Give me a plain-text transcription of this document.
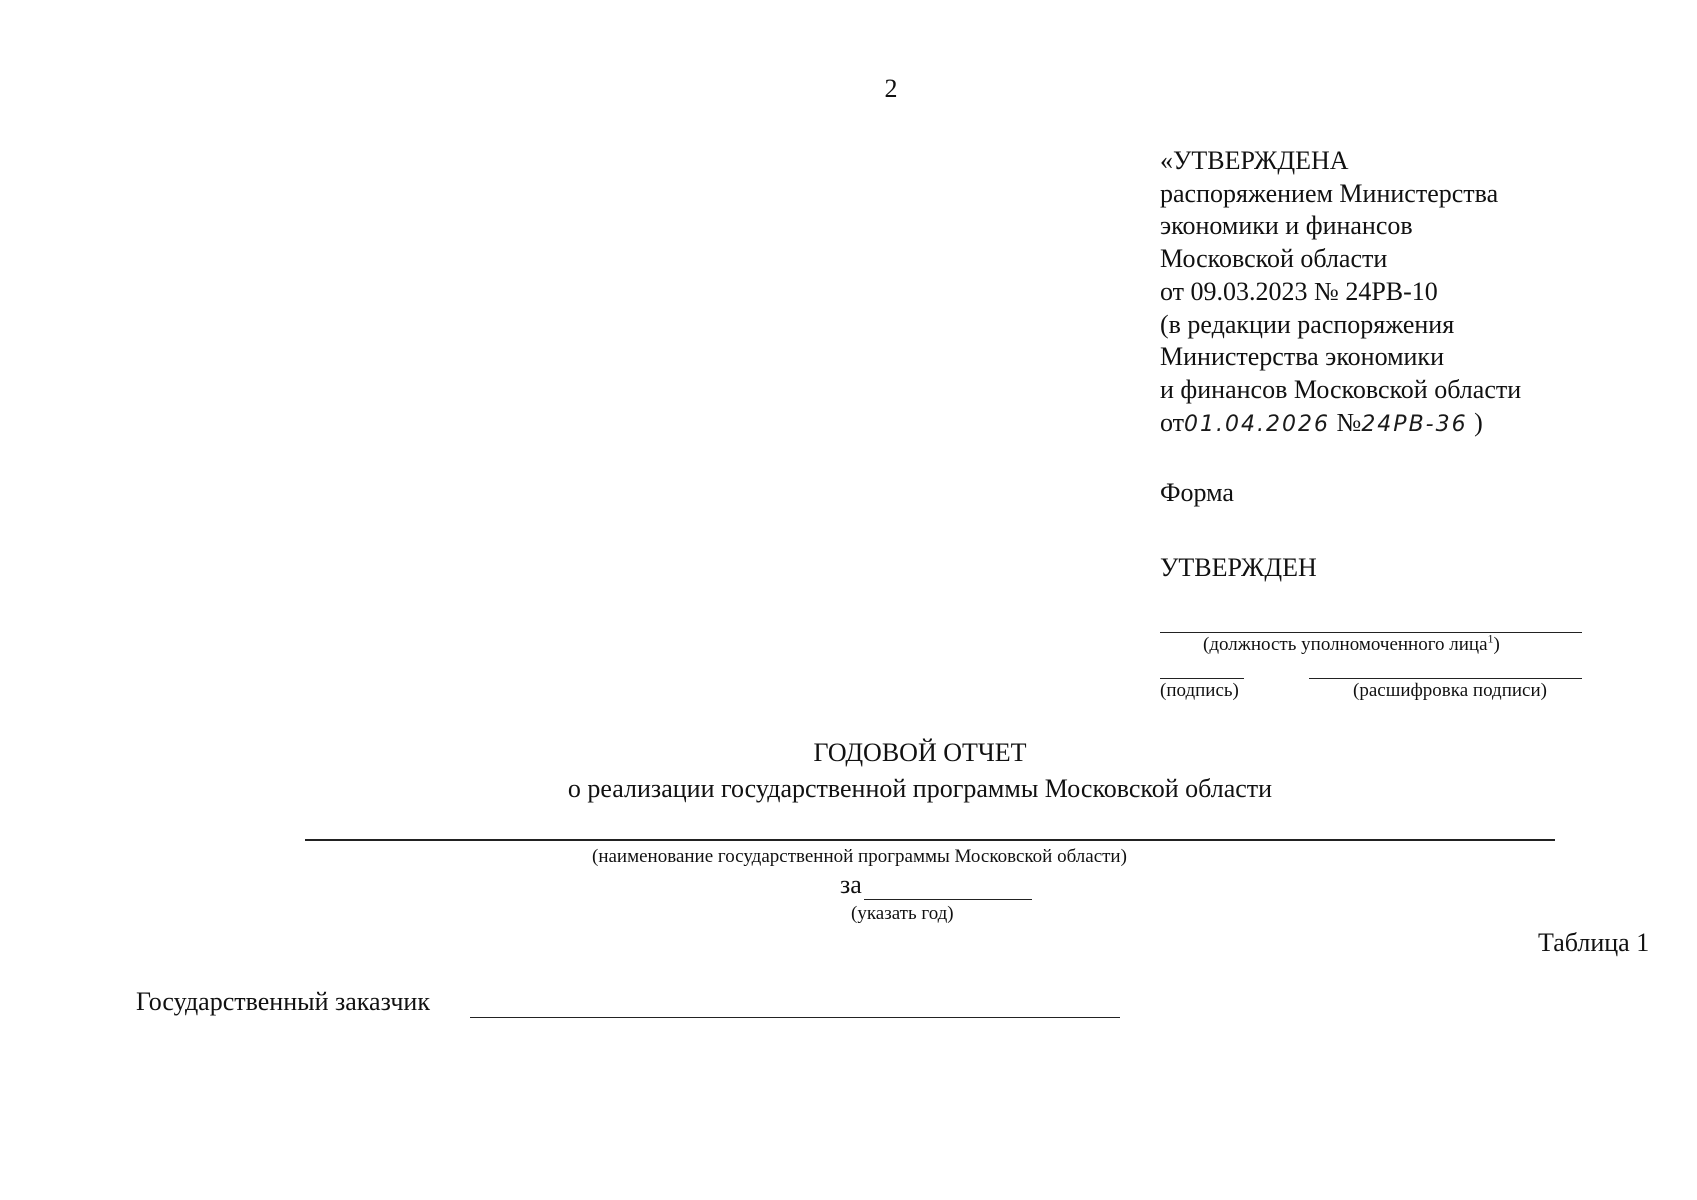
2
«УТВЕРЖДЕНА
распоряжением Министерства
экономики и финансов
Московской области
от 09.03.2023 № 24РВ-10
(в редакции распоряжения
Министерства экономики
и финансов Московской области
от01.04.2026 №24РВ-36 )
Форма
УТВЕРЖДЕН
(должность уполномоченного лица$^1$)
(подпись)	(расшифровка подписи)
ГОДОВОЙ ОТЧЕТ
о реализации государственной программы Московской области
(наименование государственной программы Московской области)
за
(указать год)
Таблица 1
Государственный заказчик
